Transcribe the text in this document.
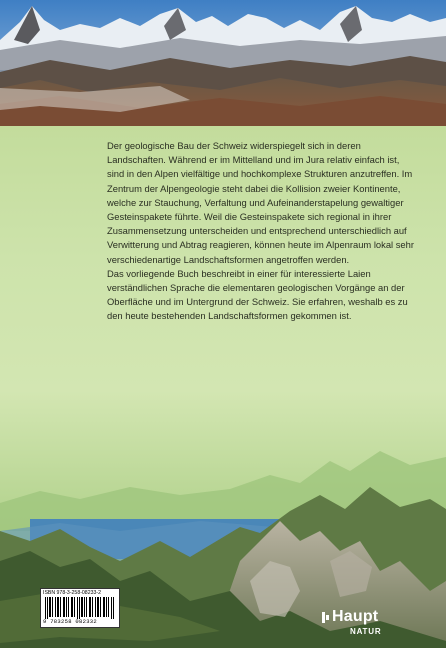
Der geologische Bau der Schweiz widerspiegelt sich in deren Landschaften. Während er im Mittelland und im Jura relativ einfach ist, sind in den Alpen vielfältige und hochkomplexe Strukturen anzutreffen. Im Zentrum der Alpengeologie steht dabei die Kollision zweier Kontinente, welche zur Stauchung, Verfaltung und Aufeinanderstapelung gewaltiger Gesteinspakete führte. Weil die Gesteinspakete sich regional in ihrer Zusammensetzung unterscheiden und entsprechend unterschiedlich auf Verwitterung und Abtrag reagieren, können heute im Alpenraum lokal sehr verschiedenartige Landschaftsformen angetroffen werden.

Das vorliegende Buch beschreibt in einer für interessierte Laien verständlichen Sprache die elementaren geologischen Vorgänge an der Oberfläche und im Untergrund der Schweiz. Sie erfahren, weshalb es zu den heute bestehenden Landschaftsformen gekommen ist.

ISBN 978-3-258-08233-2
9 783258 082332	Haupt
NATUR
